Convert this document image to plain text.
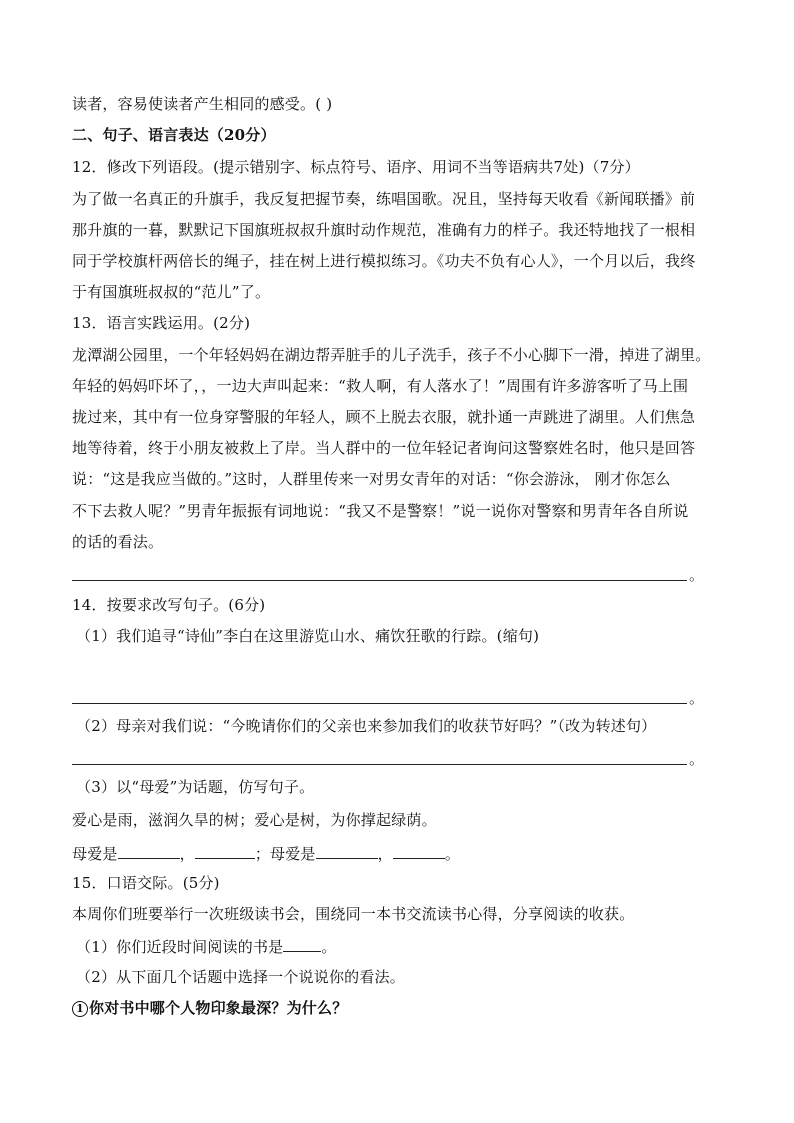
读者，容易使读者产生相同的感受。( )
二、句子、语言表达（20分）
12．修改下列语段。(提示错别字、标点符号、语序、用词不当等语病共7处)（7分）
为了做一名真正的升旗手，我反复把握节奏，练唱国歌。况且，坚持每天收看《新闻联播》前
那升旗的一暮，默默记下国旗班叔叔升旗时动作规范，准确有力的样子。我还特地找了一根相
同于学校旗杆两倍长的绳子，挂在树上进行模拟练习。《功夫不负有心人》，一个月以后，我终
于有国旗班叔叔的“范儿”了。
13．语言实践运用。(2分)
龙潭湖公园里，一个年轻妈妈在湖边帮弄脏手的儿子洗手，孩子不小心脚下一滑，掉进了湖里。
年轻的妈妈吓坏了，，一边大声叫起来：“救人啊，有人落水了！”周围有许多游客听了马上围
拢过来，其中有一位身穿警服的年轻人，顾不上脱去衣服，就扑通一声跳进了湖里。人们焦急
地等待着，终于小朋友被救上了岸。当人群中的一位年轻记者询问这警察姓名时，他只是回答
说：“这是我应当做的。”这时，人群里传来一对男女青年的对话：“你会游泳， 刚才你怎么
不下去救人呢？”男青年振振有词地说：“我又不是警察！”说一说你对警察和男青年各自所说
的话的看法。
。
14．按要求改写句子。(6分)
（1）我们追寻“诗仙”李白在这里游览山水、痛饮狂歌的行踪。(缩句)
。
（2）母亲对我们说：“今晚请你们的父亲也来参加我们的收获节好吗？”（改为转述句）
。
（3）以“母爱”为话题，仿写句子。
爱心是雨，滋润久旱的树；爱心是树，为你撑起绿荫。
母爱是	，	；母爱是	，	。
15．口语交际。(5分)
本周你们班要举行一次班级读书会，围绕同一本书交流读书心得，分享阅读的收获。
（1）你们近段时间阅读的书是	。
（2）从下面几个话题中选择一个说说你的看法。
1 你对书中哪个人物印象最深？为什么？
